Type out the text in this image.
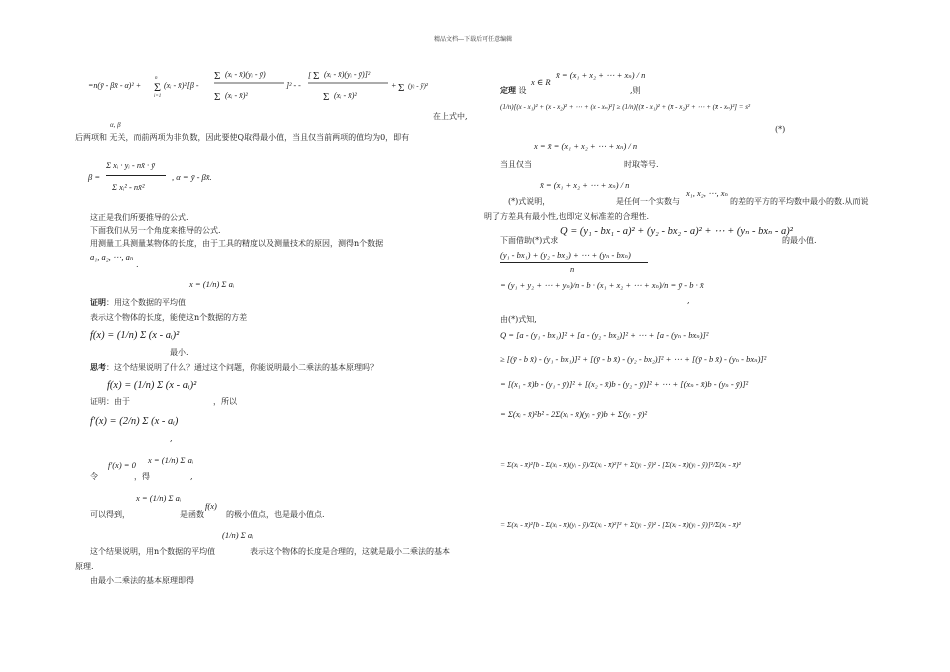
精品文档---下载后可任意编辑
=n(ȳ - βx̄ - α)² + Σ
n
i=1
(xᵢ - x̄)²[β -
Σ (xᵢ - x̄)(yᵢ - ȳ)
Σ (xᵢ - x̄)²
]² - -
[ Σ (xᵢ - x̄)(yᵢ - ȳ)]²
Σ (xᵢ - x̄)²
+ Σ (yᵢ - ȳ)²
在上式中,
α, β
后两项和 无关，而前两项为非负数，因此要使Q取得最小值，当且仅当前两项的值均为0，即有
β =
Σ xᵢ · yᵢ - nx̄ · ȳ
Σ xᵢ² - nx̄²
, α = ȳ - βx̄.
这正是我们所要推导的公式.
下面我们从另一个角度来推导的公式.
用测量工具测量某物体的长度，由于工具的精度以及测量技术的原因，测得n个数据
a₁, a₂, ⋯, aₙ
.
x = (1/n) Σ aᵢ
证明：用这个数据的平均值
表示这个物体的长度，能使这n个数据的方差
f(x) = (1/n) Σ (x - aᵢ)²
最小.
思考：这个结果说明了什么？通过这个问题，你能说明最小二乘法的基本原理吗？
f(x) = (1/n) Σ (x - aᵢ)²
证明：由于	，所以
f′(x) = (2/n) Σ (x - aᵢ)
,
f′(x) = 0 x = (1/n) Σ aᵢ
令	，得	,
x = (1/n) Σ aᵢ
f(x)
可以得到，	是函数	的极小值点，也是最小值点.
(1/n) Σ aᵢ
这个结果说明，用n个数据的平均值	表示这个物体的长度是合理的，这就是最小二乘法的基本
原理.
由最小二乘法的基本原理即得
定理 设
x ∈ R
x̄ = (x₁ + x₂ + ⋯ + xₙ) / n
,则
(1/n)[(x - x₁)² + (x - x₂)² + ⋯ + (x - xₙ)²] ≥ (1/n)[(x̄ - x₁)² + (x̄ - x₂)² + ⋯ + (x̄ - xₙ)²] = s²
(*)
x = x̄ = (x₁ + x₂ + ⋯ + xₙ) / n
当且仅当	时取等号.
(*)式说明，
x̄ = (x₁ + x₂ + ⋯ + xₙ) / n
是任何一个实数与
x₁, x₂, ⋯, xₙ
的差的平方的平均数中最小的数.从而说
明了方差具有最小性,也即定义标准差的合理性.
下面借助(*)式求
Q = (y₁ - bx₁ - a)² + (y₂ - bx₂ - a)² + ⋯ + (yₙ - bxₙ - a)²
的最小值.
(y₁ - bx₁) + (y₂ - bx₂) + ⋯ + (yₙ - bxₙ)
n
= (y₁ + y₂ + ⋯ + yₙ)/n - b · (x₁ + x₂ + ⋯ + xₙ)/n = ȳ - b · x̄
,
由(*)式知,
Q = [a - (y₁ - bx₁)]² + [a - (y₂ - bx₂)]² + ⋯ + [a - (yₙ - bxₙ)]²
≥ [(ȳ - b x̄) - (y₁ - bx₁)]² + [(ȳ - b x̄) - (y₂ - bx₂)]² + ⋯ + [(ȳ - b x̄) - (yₙ - bxₙ)]²
= [(x₁ - x̄)b - (y₁ - ȳ)]² + [(x₂ - x̄)b - (y₂ - ȳ)]² + ⋯ + [(xₙ - x̄)b - (yₙ - ȳ)]²
= Σ(xᵢ - x̄)²b² - 2Σ(xᵢ - x̄)(yᵢ - ȳ)b + Σ(yᵢ - ȳ)²
= Σ(xᵢ - x̄)²[b - Σ(xᵢ - x̄)(yᵢ - ȳ)/Σ(xᵢ - x̄)²]² + Σ(yᵢ - ȳ)² - [Σ(xᵢ - x̄)(yᵢ - ȳ)]²/Σ(xᵢ - x̄)²
= Σ(xᵢ - x̄)²[b - Σ(xᵢ - x̄)(yᵢ - ȳ)/Σ(xᵢ - x̄)²]² + Σ(yᵢ - ȳ)² - [Σ(xᵢ - x̄)(yᵢ - ȳ)]²/Σ(xᵢ - x̄)²
